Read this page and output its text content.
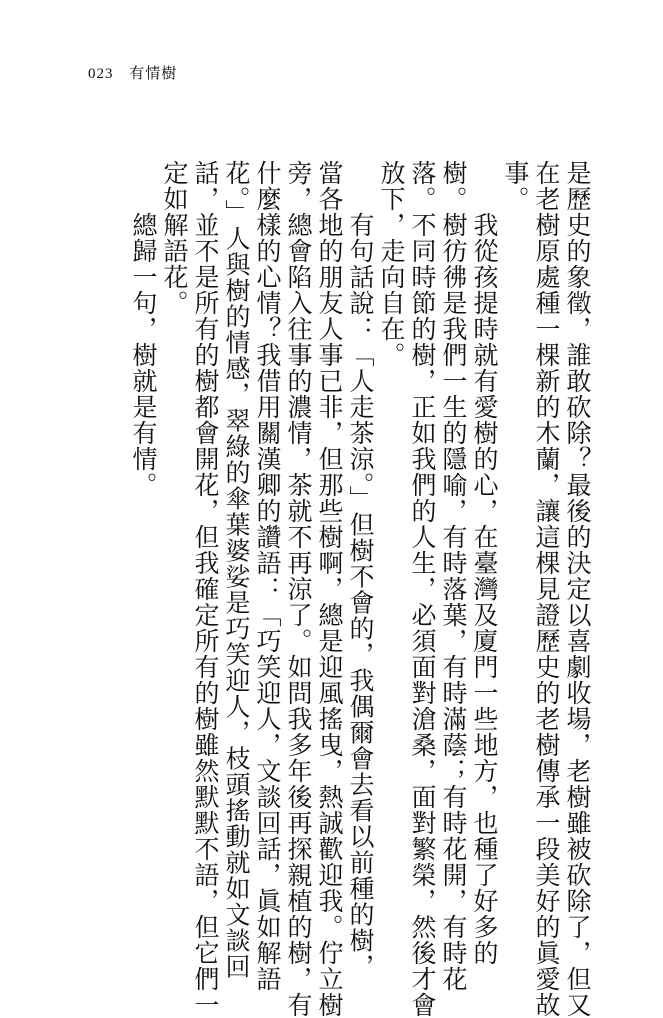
023 有情樹
是歷史的象徵，誰敢砍除？最後的決定以喜劇收場，老樹雖被砍除了，但又
在老樹原處種一棵新的木蘭，讓這棵見證歷史的老樹傳承一段美好的眞愛故
事。
　　我從孩提時就有愛樹的心，在臺灣及廈門一些地方，也種了好多的
樹。樹彷彿是我們一生的隱喻，有時落葉，有時滿蔭；有時花開，有時花
落。不同時節的樹，正如我們的人生，必須面對滄桑，面對繁榮，然後才會
放下，走向自在。
　　有句話說：「人走茶涼。」但樹不會的，我偶爾會去看以前種的樹，
當各地的朋友人事已非，但那些樹啊，總是迎風搖曳，熱誠歡迎我。佇立樹
旁，總會陷入往事的濃情，茶就不再涼了。如問我多年後再探親植的樹，有
什麼樣的心情？我借用關漢卿的讚語：「巧笑迎人，文談回話，眞如解語
花。」人與樹的情感，翠綠的傘葉婆娑是巧笑迎人，枝頭搖動就如文談回
話，並不是所有的樹都會開花，但我確定所有的樹雖然默默不語，但它們一
定如解語花。
　　總歸一句，樹就是有情。
